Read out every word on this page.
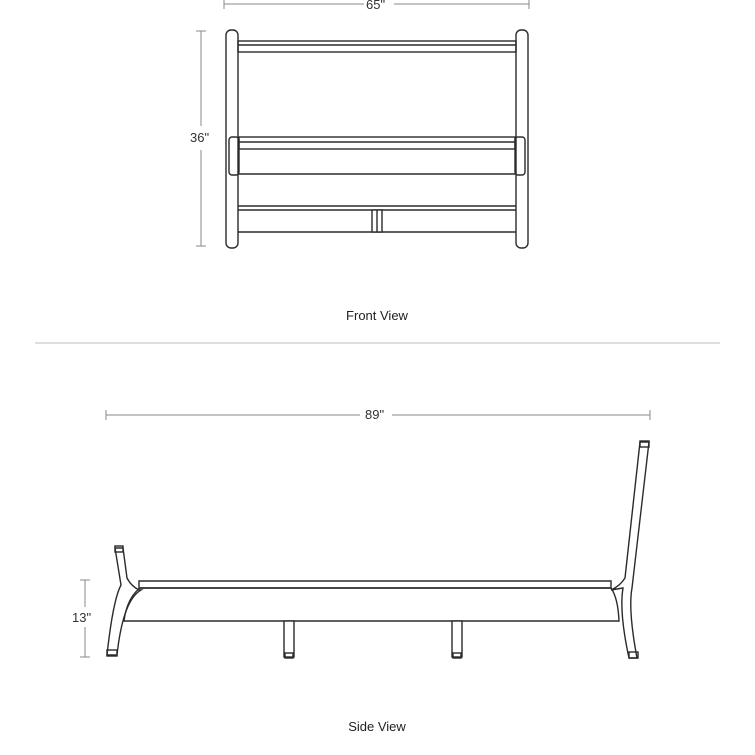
65"
36"
Front View
89"
13"
Side View
